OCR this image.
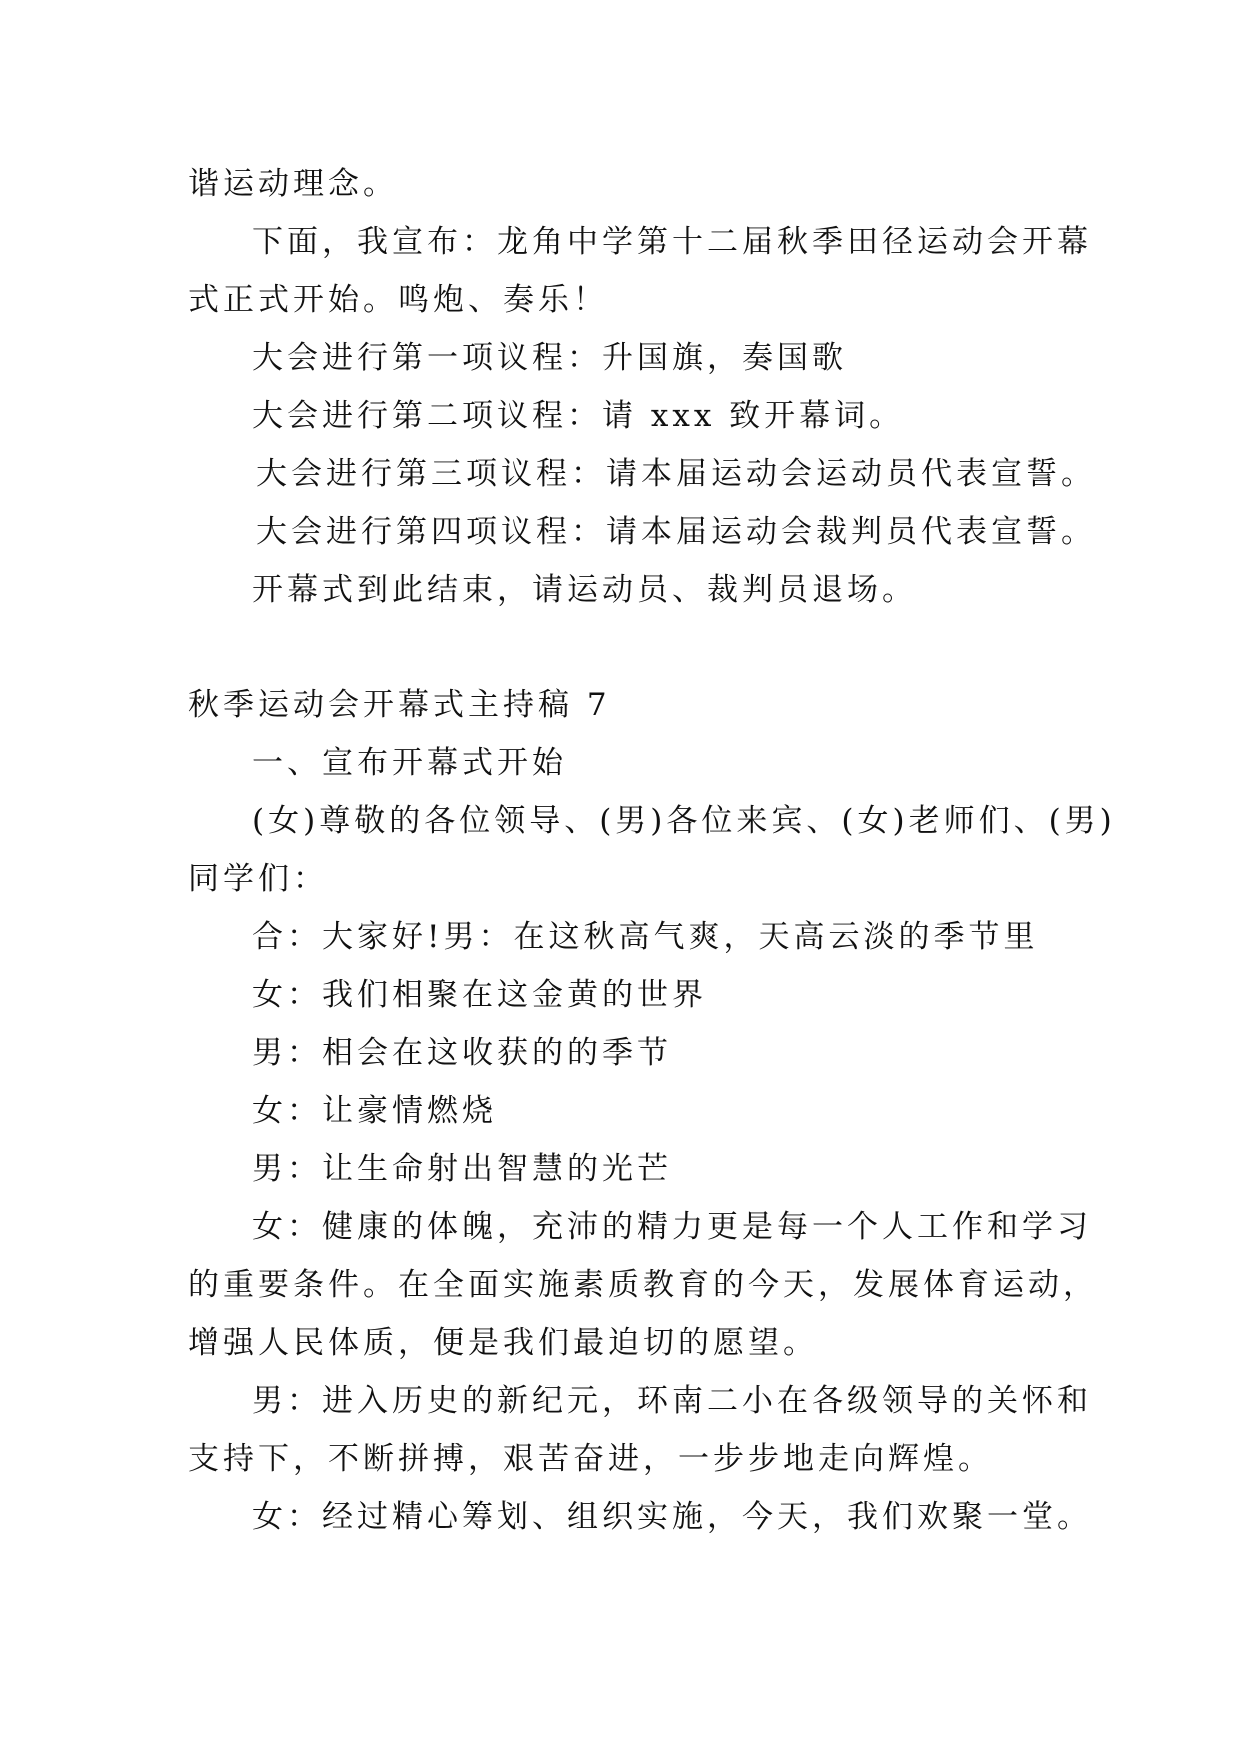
谐运动理念。
下面，我宣布：龙角中学第十二届秋季田径运动会开幕
式正式开始。鸣炮、奏乐！
大会进行第一项议程：升国旗，奏国歌
大会进行第二项议程：请 xxx 致开幕词。
大会进行第三项议程：请本届运动会运动员代表宣誓。
大会进行第四项议程：请本届运动会裁判员代表宣誓。
开幕式到此结束，请运动员、裁判员退场。
秋季运动会开幕式主持稿 7
一、宣布开幕式开始
(女)尊敬的各位领导、(男)各位来宾、(女)老师们、(男)
同学们：
合：大家好!男：在这秋高气爽，天高云淡的季节里
女：我们相聚在这金黄的世界
男：相会在这收获的的季节
女：让豪情燃烧
男：让生命射出智慧的光芒
女：健康的体魄，充沛的精力更是每一个人工作和学习
的重要条件。在全面实施素质教育的今天，发展体育运动，
增强人民体质，便是我们最迫切的愿望。
男：进入历史的新纪元，环南二小在各级领导的关怀和
支持下，不断拼搏，艰苦奋进，一步步地走向辉煌。
女：经过精心筹划、组织实施，今天，我们欢聚一堂。
